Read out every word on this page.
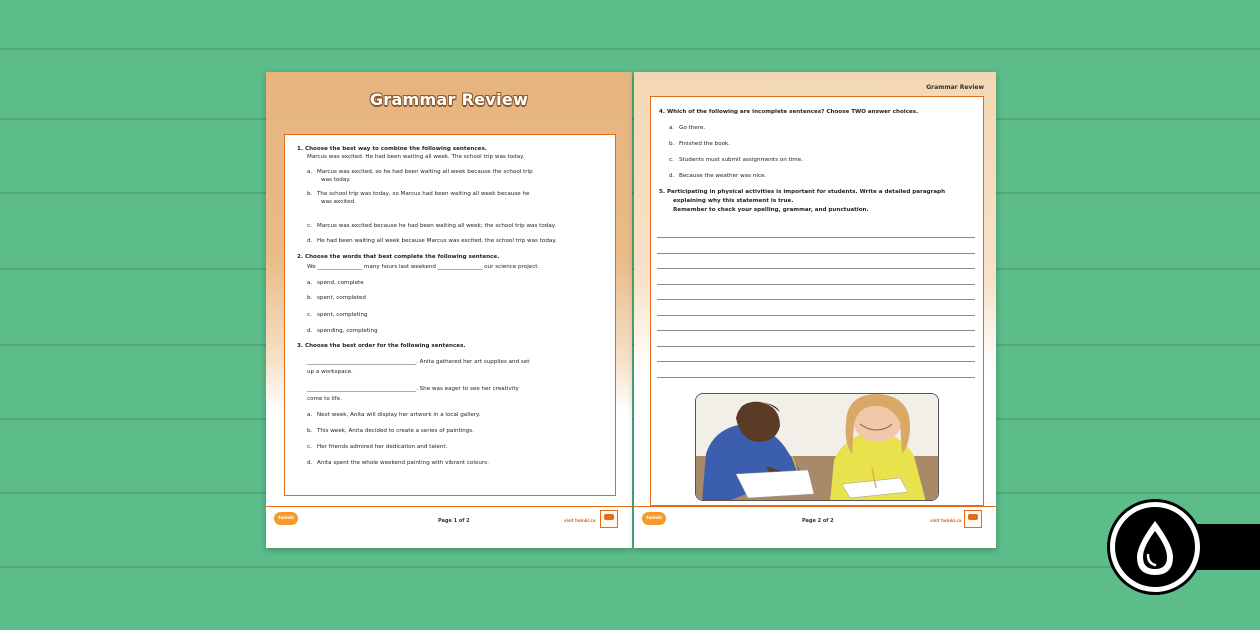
Grammar Review
1. Choose the best way to combine the following sentences.
Marcus was excited. He had been waiting all week. The school trip was today.
a. Marcus was excited, so he had been waiting all week because the school trip
was today.
b. The school trip was today, so Marcus had been waiting all week because he
was excited.
c. Marcus was excited because he had been waiting all week; the school trip was today.
d. He had been waiting all week because Marcus was excited, the school trip was today.
2. Choose the words that best complete the following sentence.
We ________________ many hours last weekend ________________ our science project.
a. spend, complete
b. spent, completed
c. spent, completing
d. spending, completing
3. Choose the best order for the following sentences.
_______________________________________. Anita gathered her art supplies and set
up a workspace.
_______________________________________. She was eager to see her creativity
come to life.
a. Next week, Anita will display her artwork in a local gallery.
b. This week, Anita decided to create a series of paintings.
c. Her friends admired her dedication and talent.
d. Anita spent the whole weekend painting with vibrant colours.
twinkl	Page 1 of 2	visit twinkl.ca
Grammar Review
4. Which of the following are incomplete sentences? Choose TWO answer choices.
a. Go there.
b. Finished the book.
c. Students must submit assignments on time.
d. Because the weather was nice.
5. Participating in physical activities is important for students. Write a detailed paragraph
explaining why this statement is true.
Remember to check your spelling, grammar, and punctuation.
twinkl	Page 2 of 2	visit twinkl.ca
